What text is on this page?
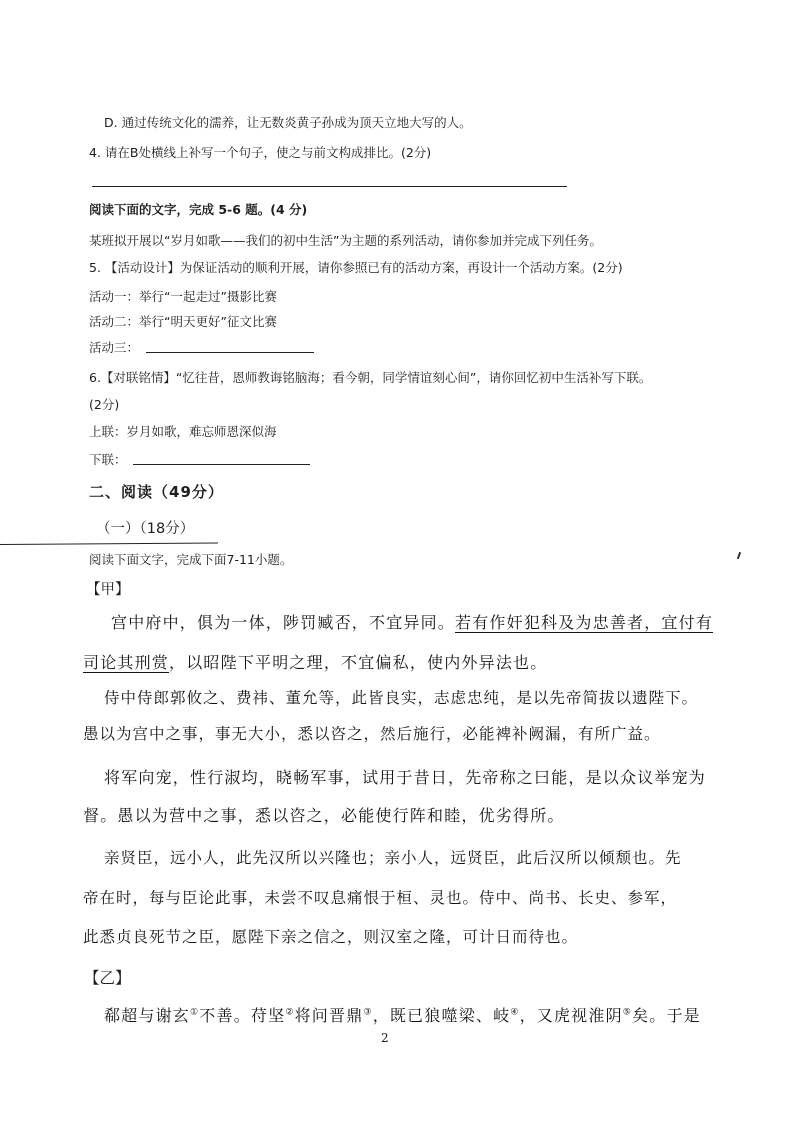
D. 通过传统文化的濡养，让无数炎黄子孙成为顶天立地大写的人。
4. 请在B处横线上补写一个句子，使之与前文构成排比。(2分)
阅读下面的文字，完成 5-6 题。(4 分)
某班拟开展以“岁月如歌——我们的初中生活”为主题的系列活动，请你参加并完成下列任务。
5. 【活动设计】为保证活动的顺利开展，请你参照已有的活动方案，再设计一个活动方案。(2分)
活动一：举行“一起走过”摄影比赛
活动二：举行“明天更好”征文比赛
活动三：
6.【对联铭情】“忆往昔，恩师教诲铭脑海；看今朝，同学情谊刻心间”，请你回忆初中生活补写下联。
(2分)
上联：岁月如歌，难忘师恩深似海
下联：
二、阅读（49分）
（一）（18分）
阅读下面文字，完成下面7-11小题。
【甲】
宫中府中，俱为一体，陟罚臧否，不宜异同。若有作奸犯科及为忠善者，宜付有
司论其刑赏，以昭陛下平明之理，不宜偏私，使内外异法也。
侍中侍郎郭攸之、费祎、董允等，此皆良实，志虑忠纯，是以先帝简拔以遗陛下。
愚以为宫中之事，事无大小，悉以咨之，然后施行，必能裨补阙漏，有所广益。
将军向宠，性行淑均，晓畅军事，试用于昔日，先帝称之曰能，是以众议举宠为
督。愚以为营中之事，悉以咨之，必能使行阵和睦，优劣得所。
亲贤臣，远小人，此先汉所以兴隆也；亲小人，远贤臣，此后汉所以倾颓也。先
帝在时，每与臣论此事，未尝不叹息痛恨于桓、灵也。侍中、尚书、长史、参军，
此悉贞良死节之臣，愿陛下亲之信之，则汉室之隆，可计日而待也。
【乙】
郗超与谢玄①不善。苻坚②将问晋鼎③，既已狼噬梁、岐④，又虎视淮阴⑤矣。于是
2
